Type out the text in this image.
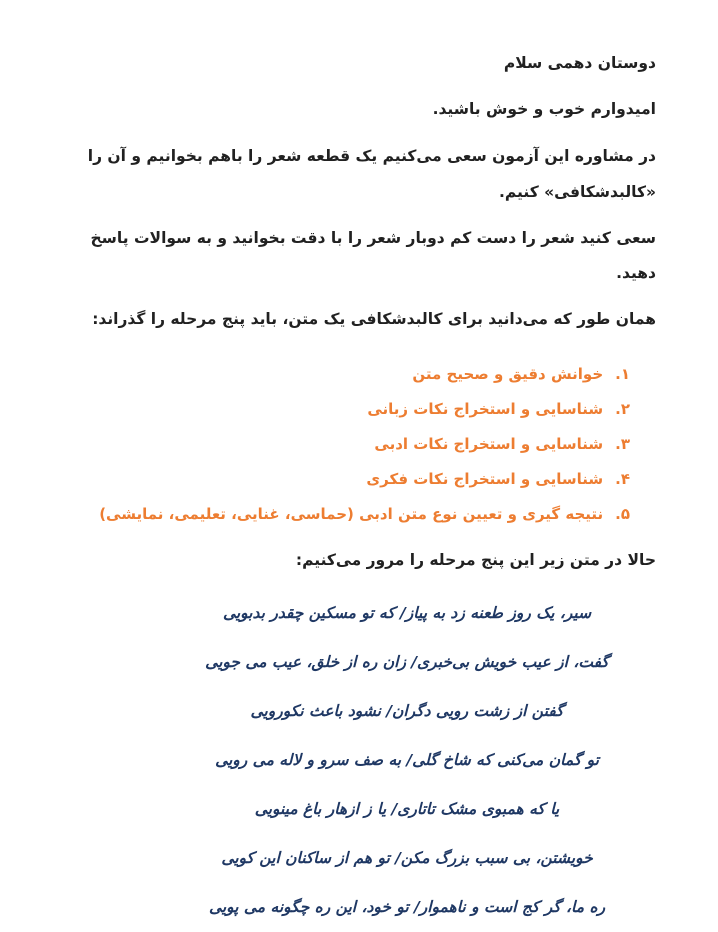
دوستان دهمی سلام

امیدوارم خوب و خوش باشید.

در مشاوره این آزمون سعی می‌کنیم یک قطعه شعر را باهم بخوانیم و آن را
«کالبدشکافی» کنیم.

سعی کنید شعر را دست کم دوبار شعر را با دقت بخوانید و به سوالات پاسخ دهید.

همان طور که می‌دانید برای کالبدشکافی یک متن، باید پنج مرحله را گذراند:

۱.خوانش دقیق و صحیح متن
۲.شناسایی و استخراج نکات زبانی
۳.شناسایی و استخراج نکات ادبی
۴.شناسایی و استخراج نکات فکری
۵.نتیجه گیری و تعیین نوع متن ادبی (حماسی، غنایی، تعلیمی، نمایشی)

حالا در متن زیر این پنج مرحله را مرور می‌کنیم:

سیر، یک روز طعنه زد به پیاز/ که تو مسکین چقدر بدبویی

گفت، از عیب خویش بی‌خبری/ زان ره از خلق، عیب می جویی

گفتن از زشت رویی دگران/ نشود باعث نکورویی

تو گمان می‌کنی که شاخ گلی/ به صف سرو و لاله می رویی

یا که همبوی مشک تاتاری/ یا ز ازهار باغ مینویی

خویشتن، بی سبب بزرگ مکن/ تو هم از ساکنان این کویی

ره ما، گر کج است و ناهموار/ تو خود، این ره چگونه می پویی
